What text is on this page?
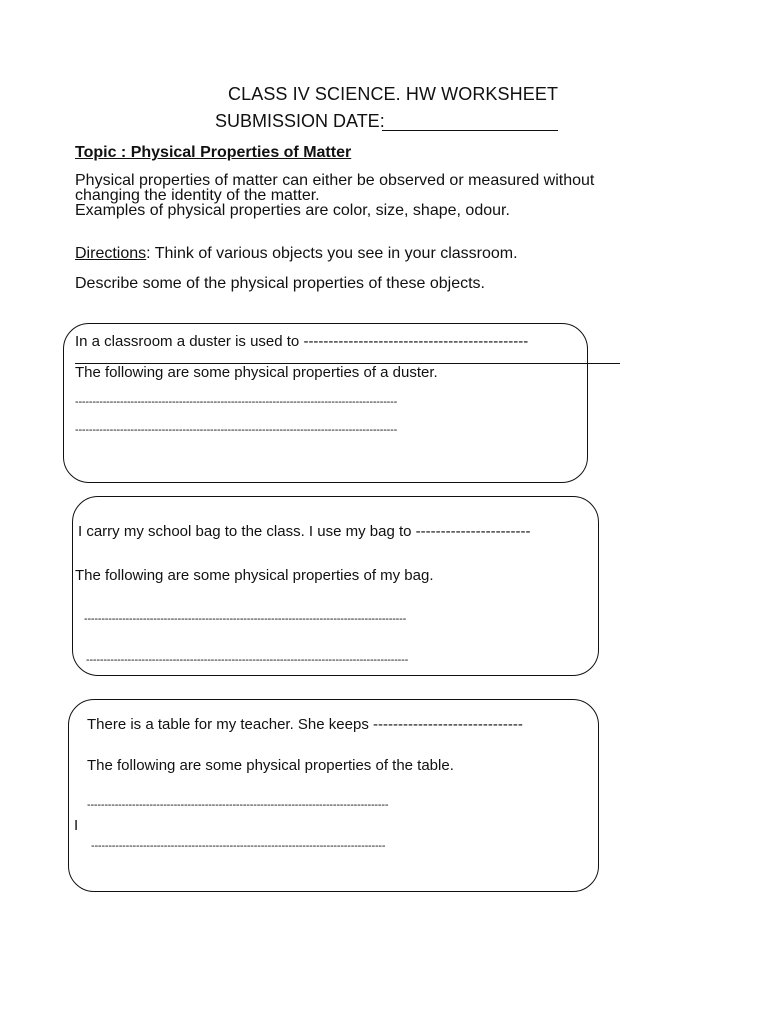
CLASS IV SCIENCE. HW WORKSHEET
SUBMISSION DATE:
Topic : Physical Properties of Matter
Physical properties of matter can either be observed or measured without
changing the identity of the matter.
Examples of physical properties are color, size, shape, odour.
Directions: Think of various objects you see in your classroom.
Describe some of the physical properties of these objects.
In a classroom a duster is used to ---------------------------------------------
The following are some physical properties of a duster.
---------------------------------------------------------------------------------------------
---------------------------------------------------------------------------------------------
I carry my school bag to the class. I use my bag to -----------------------
The following are some physical properties of my bag.
---------------------------------------------------------------------------------------------
---------------------------------------------------------------------------------------------
There is a table for my teacher. She keeps ------------------------------
The following are some physical properties of the table.
---------------------------------------------------------------------------------------
I
-------------------------------------------------------------------------------------
